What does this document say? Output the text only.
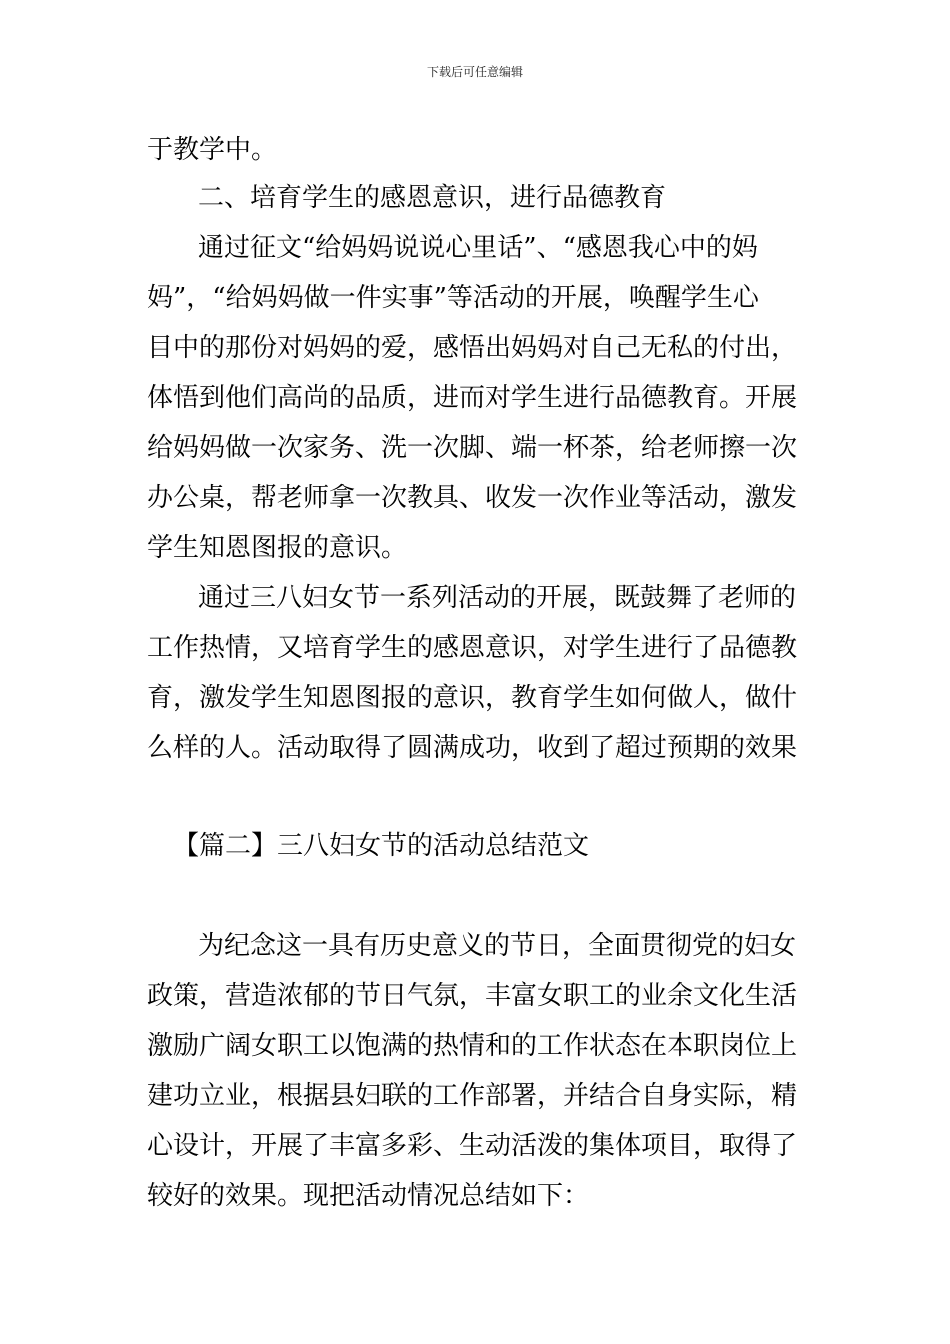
下载后可任意编辑
于教学中。
二、培育学生的感恩意识，进行品德教育
通过征文“给妈妈说说心里话”、“感恩我心中的妈
妈”，“给妈妈做一件实事”等活动的开展，唤醒学生心
目中的那份对妈妈的爱，感悟出妈妈对自己无私的付出，
体悟到他们高尚的品质，进而对学生进行品德教育。开展
给妈妈做一次家务、洗一次脚、端一杯茶，给老师擦一次
办公桌，帮老师拿一次教具、收发一次作业等活动，激发
学生知恩图报的意识。
通过三八妇女节一系列活动的开展，既鼓舞了老师的
工作热情，又培育学生的感恩意识，对学生进行了品德教
育，激发学生知恩图报的意识，教育学生如何做人，做什
么样的人。活动取得了圆满成功，收到了超过预期的效果
【篇二】三八妇女节的活动总结范文
为纪念这一具有历史意义的节日，全面贯彻党的妇女
政策，营造浓郁的节日气氛，丰富女职工的业余文化生活
激励广阔女职工以饱满的热情和的工作状态在本职岗位上
建功立业，根据县妇联的工作部署，并结合自身实际，精
心设计，开展了丰富多彩、生动活泼的集体项目，取得了
较好的效果。现把活动情况总结如下：
